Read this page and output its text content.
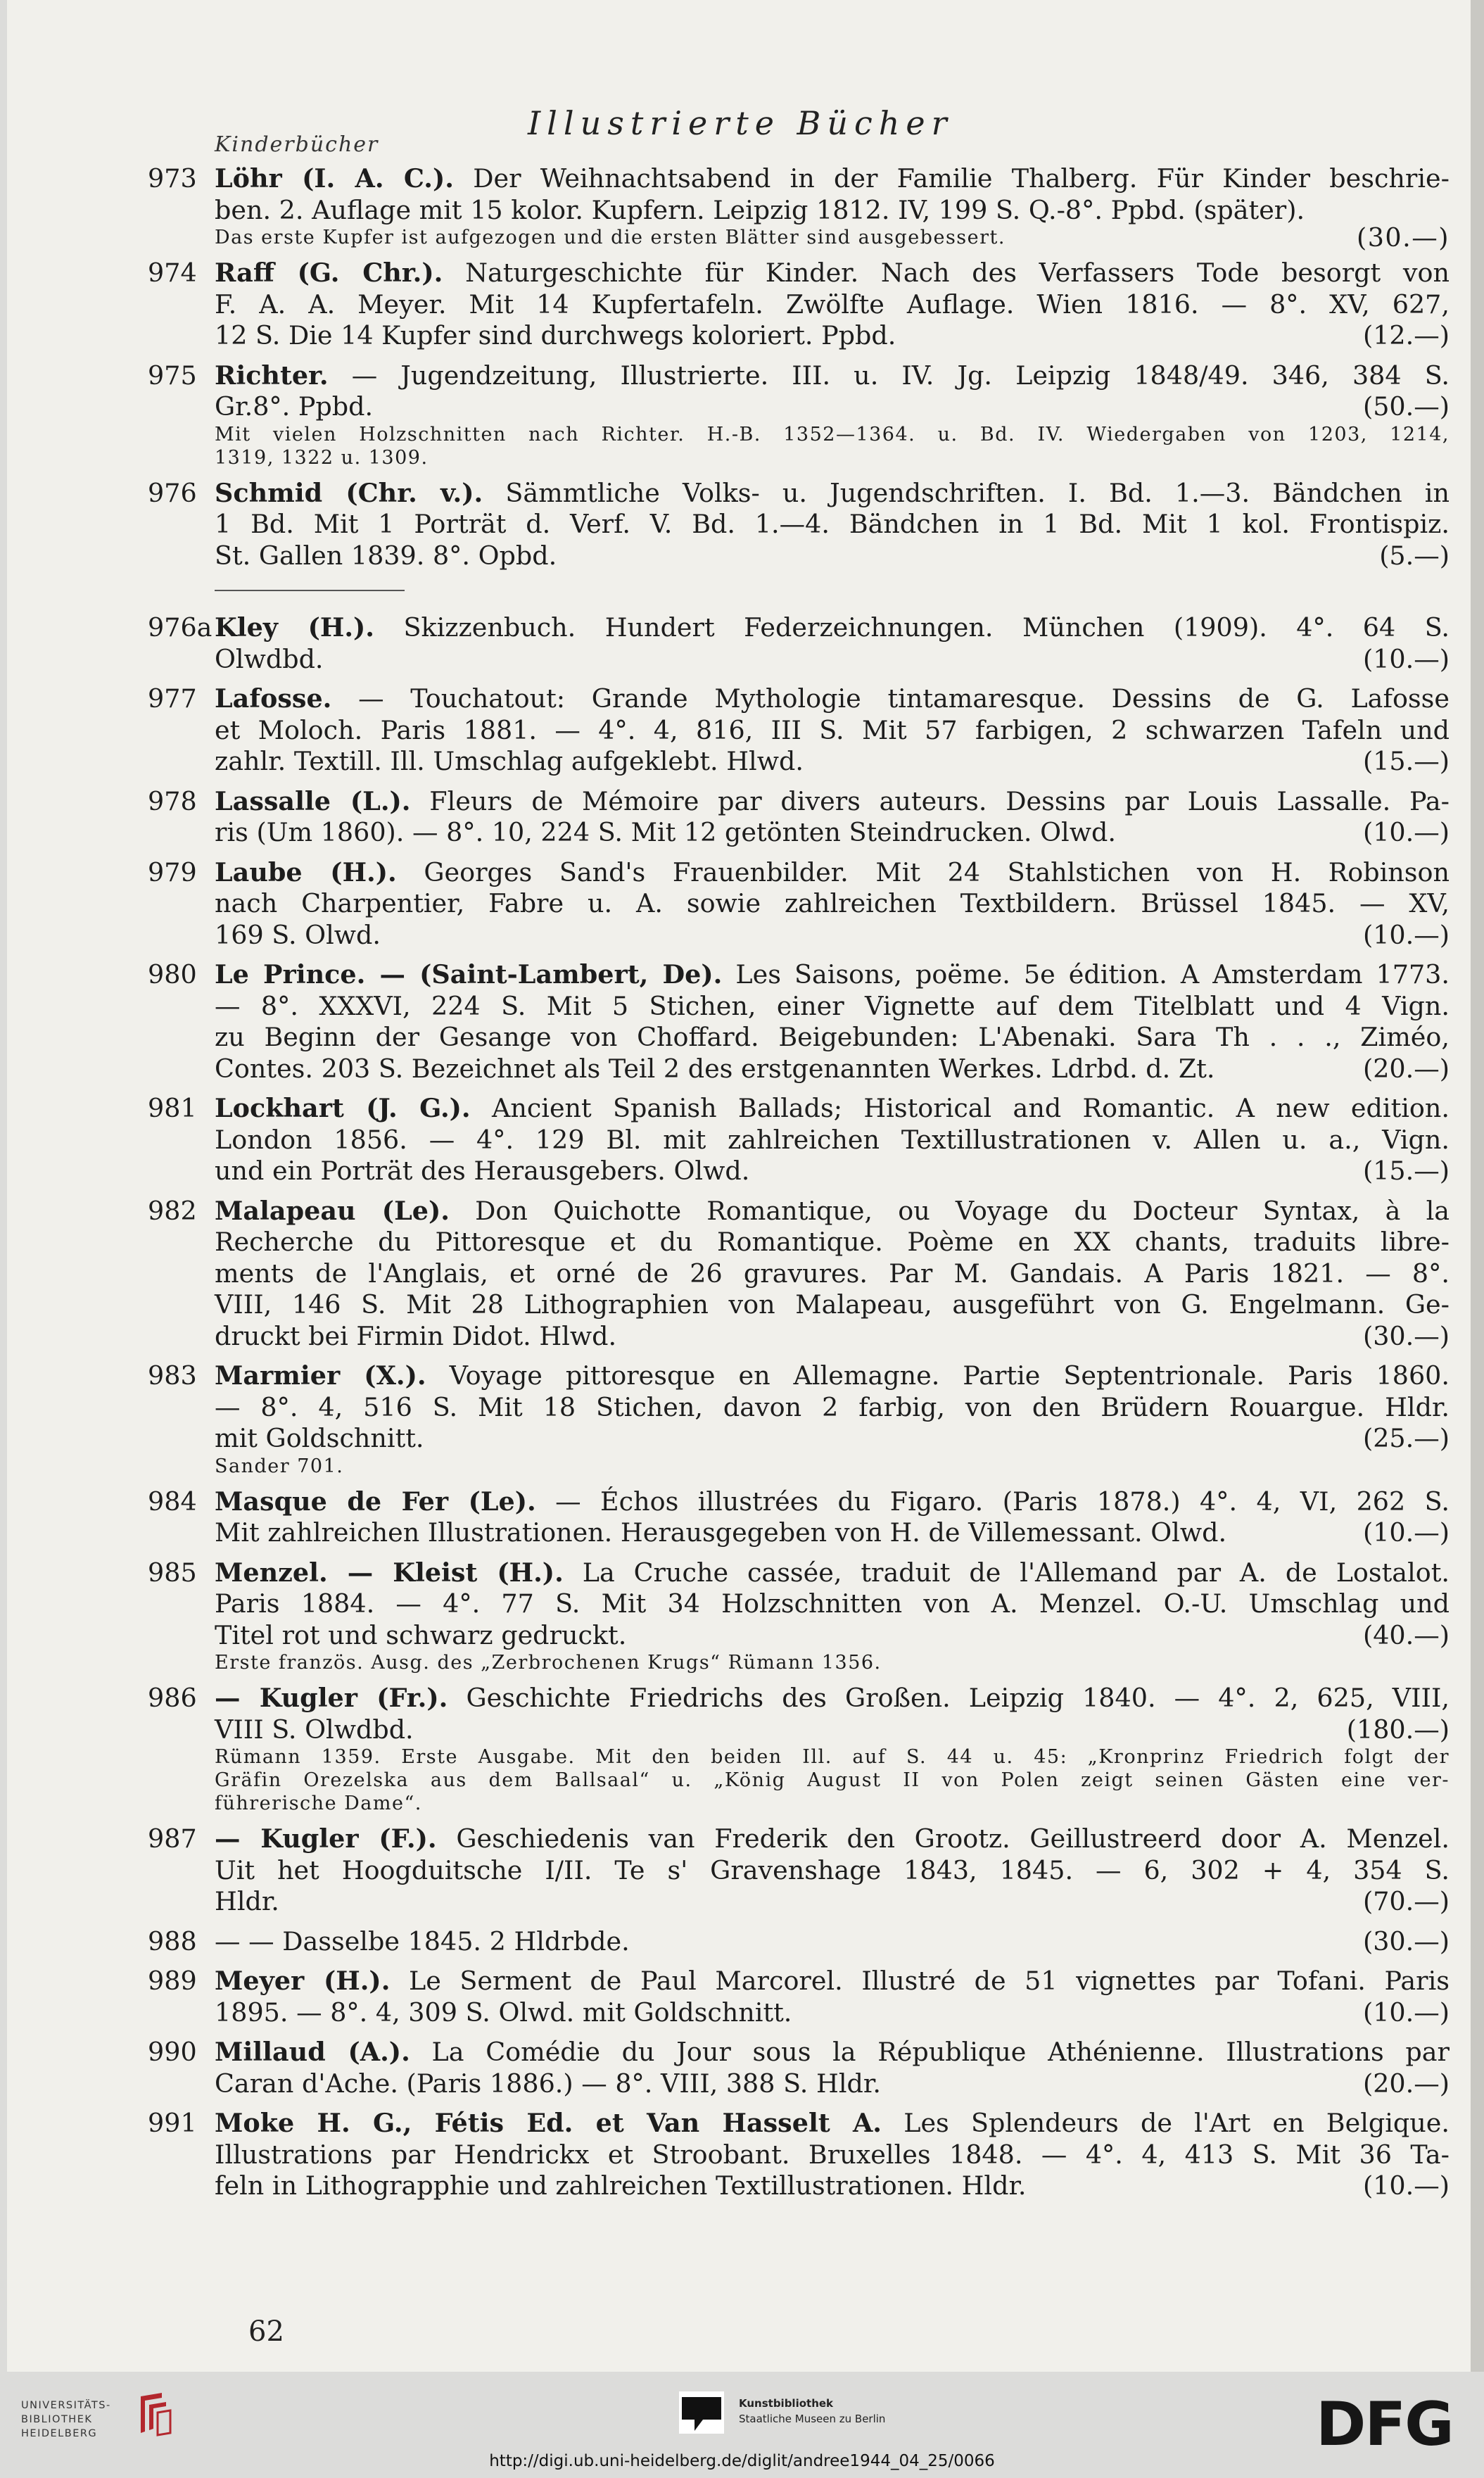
Kinderbücher
Illustrierte Bücher
973 Löhr (I. A. C.). Der Weihnachtsabend in der Familie Thalberg. Für Kinder beschrie-
ben. 2. Auflage mit 15 kolor. Kupfern. Leipzig 1812. IV, 199 S. Q.-8°. Ppbd. (später).
Das erste Kupfer ist aufgezogen und die ersten Blätter sind ausgebessert.	(30.—)
974 Raff (G. Chr.). Naturgeschichte für Kinder. Nach des Verfassers Tode besorgt von
F. A. A. Meyer. Mit 14 Kupfertafeln. Zwölfte Auflage. Wien 1816. — 8°. XV, 627,
12 S. Die 14 Kupfer sind durchwegs koloriert. Ppbd.	(12.—)
975 Richter. — Jugendzeitung, Illustrierte. III. u. IV. Jg. Leipzig 1848/49. 346, 384 S.
Gr.8°. Ppbd.	(50.—)
Mit vielen Holzschnitten nach Richter. H.-B. 1352—1364. u. Bd. IV. Wiedergaben von 1203, 1214,
1319, 1322 u. 1309.
976 Schmid (Chr. v.). Sämmtliche Volks- u. Jugendschriften. I. Bd. 1.—3. Bändchen in
1 Bd. Mit 1 Porträt d. Verf. V. Bd. 1.—4. Bändchen in 1 Bd. Mit 1 kol. Frontispiz.
St. Gallen 1839. 8°. Opbd.	(5.—)
976a Kley (H.). Skizzenbuch. Hundert Federzeichnungen. München (1909). 4°. 64 S.
Olwdbd.	(10.—)
977 Lafosse. — Touchatout: Grande Mythologie tintamaresque. Dessins de G. Lafosse
et Moloch. Paris 1881. — 4°. 4, 816, III S. Mit 57 farbigen, 2 schwarzen Tafeln und
zahlr. Textill. Ill. Umschlag aufgeklebt. Hlwd.	(15.—)
978 Lassalle (L.). Fleurs de Mémoire par divers auteurs. Dessins par Louis Lassalle. Pa-
ris (Um 1860). — 8°. 10, 224 S. Mit 12 getönten Steindrucken. Olwd.	(10.—)
979 Laube (H.). Georges Sand's Frauenbilder. Mit 24 Stahlstichen von H. Robinson
nach Charpentier, Fabre u. A. sowie zahlreichen Textbildern. Brüssel 1845. — XV,
169 S. Olwd.	(10.—)
980 Le Prince. — (Saint-Lambert, De). Les Saisons, poëme. 5e édition. A Amsterdam 1773.
— 8°. XXXVI, 224 S. Mit 5 Stichen, einer Vignette auf dem Titelblatt und 4 Vign.
zu Beginn der Gesange von Choffard. Beigebunden: L'Abenaki. Sara Th . . ., Ziméo,
Contes. 203 S. Bezeichnet als Teil 2 des erstgenannten Werkes. Ldrbd. d. Zt.	(20.—)
981 Lockhart (J. G.). Ancient Spanish Ballads; Historical and Romantic. A new edition.
London 1856. — 4°. 129 Bl. mit zahlreichen Textillustrationen v. Allen u. a., Vign.
und ein Porträt des Herausgebers. Olwd.	(15.—)
982 Malapeau (Le). Don Quichotte Romantique, ou Voyage du Docteur Syntax, à la
Recherche du Pittoresque et du Romantique. Poème en XX chants, traduits libre-
ments de l'Anglais, et orné de 26 gravures. Par M. Gandais. A Paris 1821. — 8°.
VIII, 146 S. Mit 28 Lithographien von Malapeau, ausgeführt von G. Engelmann. Ge-
druckt bei Firmin Didot. Hlwd.	(30.—)
983 Marmier (X.). Voyage pittoresque en Allemagne. Partie Septentrionale. Paris 1860.
— 8°. 4, 516 S. Mit 18 Stichen, davon 2 farbig, von den Brüdern Rouargue. Hldr.
mit Goldschnitt.	(25.—)
Sander 701.
984 Masque de Fer (Le). — Échos illustrées du Figaro. (Paris 1878.) 4°. 4, VI, 262 S.
Mit zahlreichen Illustrationen. Herausgegeben von H. de Villemessant. Olwd.	(10.—)
985 Menzel. — Kleist (H.). La Cruche cassée, traduit de l'Allemand par A. de Lostalot.
Paris 1884. — 4°. 77 S. Mit 34 Holzschnitten von A. Menzel. O.-U. Umschlag und
Titel rot und schwarz gedruckt.	(40.—)
Erste französ. Ausg. des „Zerbrochenen Krugs“ Rümann 1356.
986 — Kugler (Fr.). Geschichte Friedrichs des Großen. Leipzig 1840. — 4°. 2, 625, VIII,
VIII S. Olwdbd.	(180.—)
Rümann 1359. Erste Ausgabe. Mit den beiden Ill. auf S. 44 u. 45: „Kronprinz Friedrich folgt der
Gräfin Orezelska aus dem Ballsaal“ u. „König August II von Polen zeigt seinen Gästen eine ver-
führerische Dame“.
987 — Kugler (F.). Geschiedenis van Frederik den Grootz. Geillustreerd door A. Menzel.
Uit het Hoogduitsche I/II. Te s' Gravenshage 1843, 1845. — 6, 302 + 4, 354 S.
Hldr.	(70.—)
988 — — Dasselbe 1845. 2 Hldrbde.	(30.—)
989 Meyer (H.). Le Serment de Paul Marcorel. Illustré de 51 vignettes par Tofani. Paris
1895. — 8°. 4, 309 S. Olwd. mit Goldschnitt.	(10.—)
990 Millaud (A.). La Comédie du Jour sous la République Athénienne. Illustrations par
Caran d'Ache. (Paris 1886.) — 8°. VIII, 388 S. Hldr.	(20.—)
991 Moke H. G., Fétis Ed. et Van Hasselt A. Les Splendeurs de l'Art en Belgique.
Illustrations par Hendrickx et Stroobant. Bruxelles 1848. — 4°. 4, 413 S. Mit 36 Ta-
feln in Lithograpphie und zahlreichen Textillustrationen. Hldr.	(10.—)
62
UNIVERSITÄTS-
BIBLIOTHEK
HEIDELBERG
Kunstbibliothek
Staatliche Museen zu Berlin	DFG
http://digi.ub.uni-heidelberg.de/diglit/andree1944_04_25/0066
